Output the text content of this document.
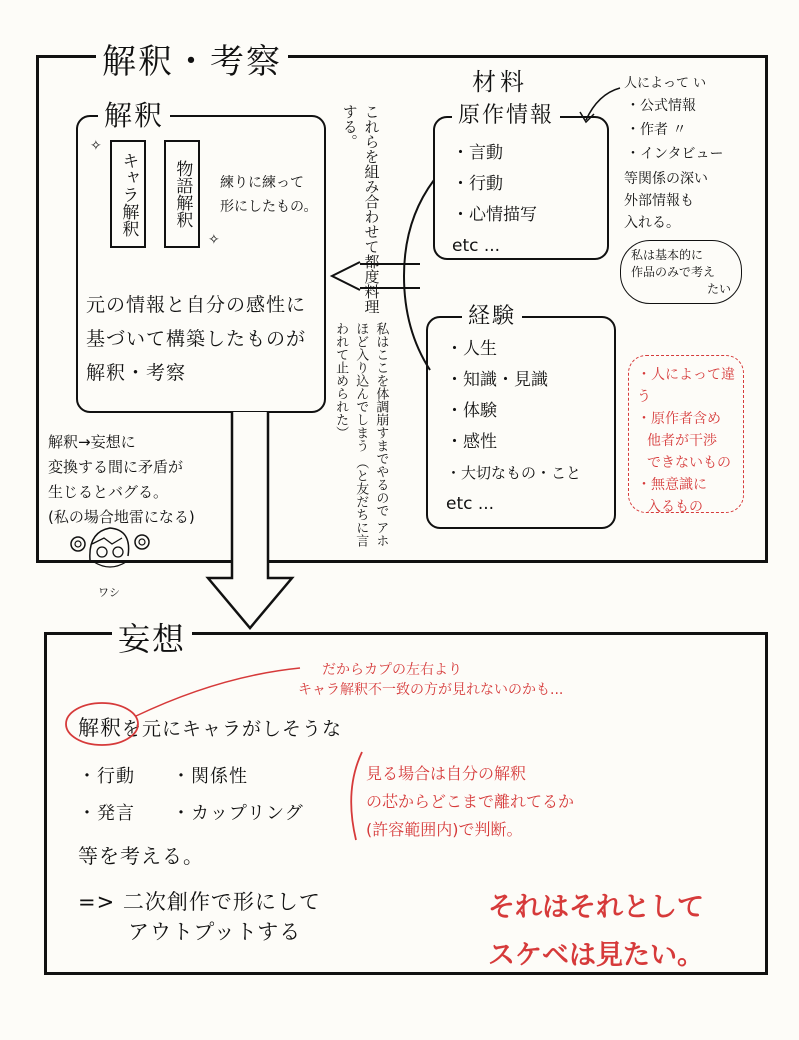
解釈・考察
解釈
キャラ解釈 物語解釈
✧
✧
練りに練って 形にしたもの。
元の情報と自分の感性に
基づいて構築したものが
解釈・考察
これらを組み合わせて都度料理する。
材料
原作情報
・言動
・行動
・心情描写
etc ...
経験
・人生
・知識・見識
・体験
・感性
・大切なもの・こと
etc ...
私はここを体調崩すまでやるので アホほど入り込んでしまう （と友だちに言われて止められた）
人によって い
・公式情報
・作者 〃
・インタビュー
等関係の深い
外部情報も
入れる。
私は基本的に
作品のみで考え
たい
・人によって違う
・原作者含め
他者が干渉
できないもの
・無意識に
入るもの
解釈→妄想に
変換する間に矛盾が
生じるとバグる。
(私の場合地雷になる)
ワシ
妄想
だからカプの左右より
キャラ解釈不一致の方が見れないのかも...
解釈を元にキャラがしそうな
・行動 ・関係性
・発言 ・カップリング
等を考える。
=> 二次創作で形にして
アウトプットする
見る場合は自分の解釈
の芯からどこまで離れてるか
(許容範囲内)で判断。
それはそれとして
スケベは見たい。
